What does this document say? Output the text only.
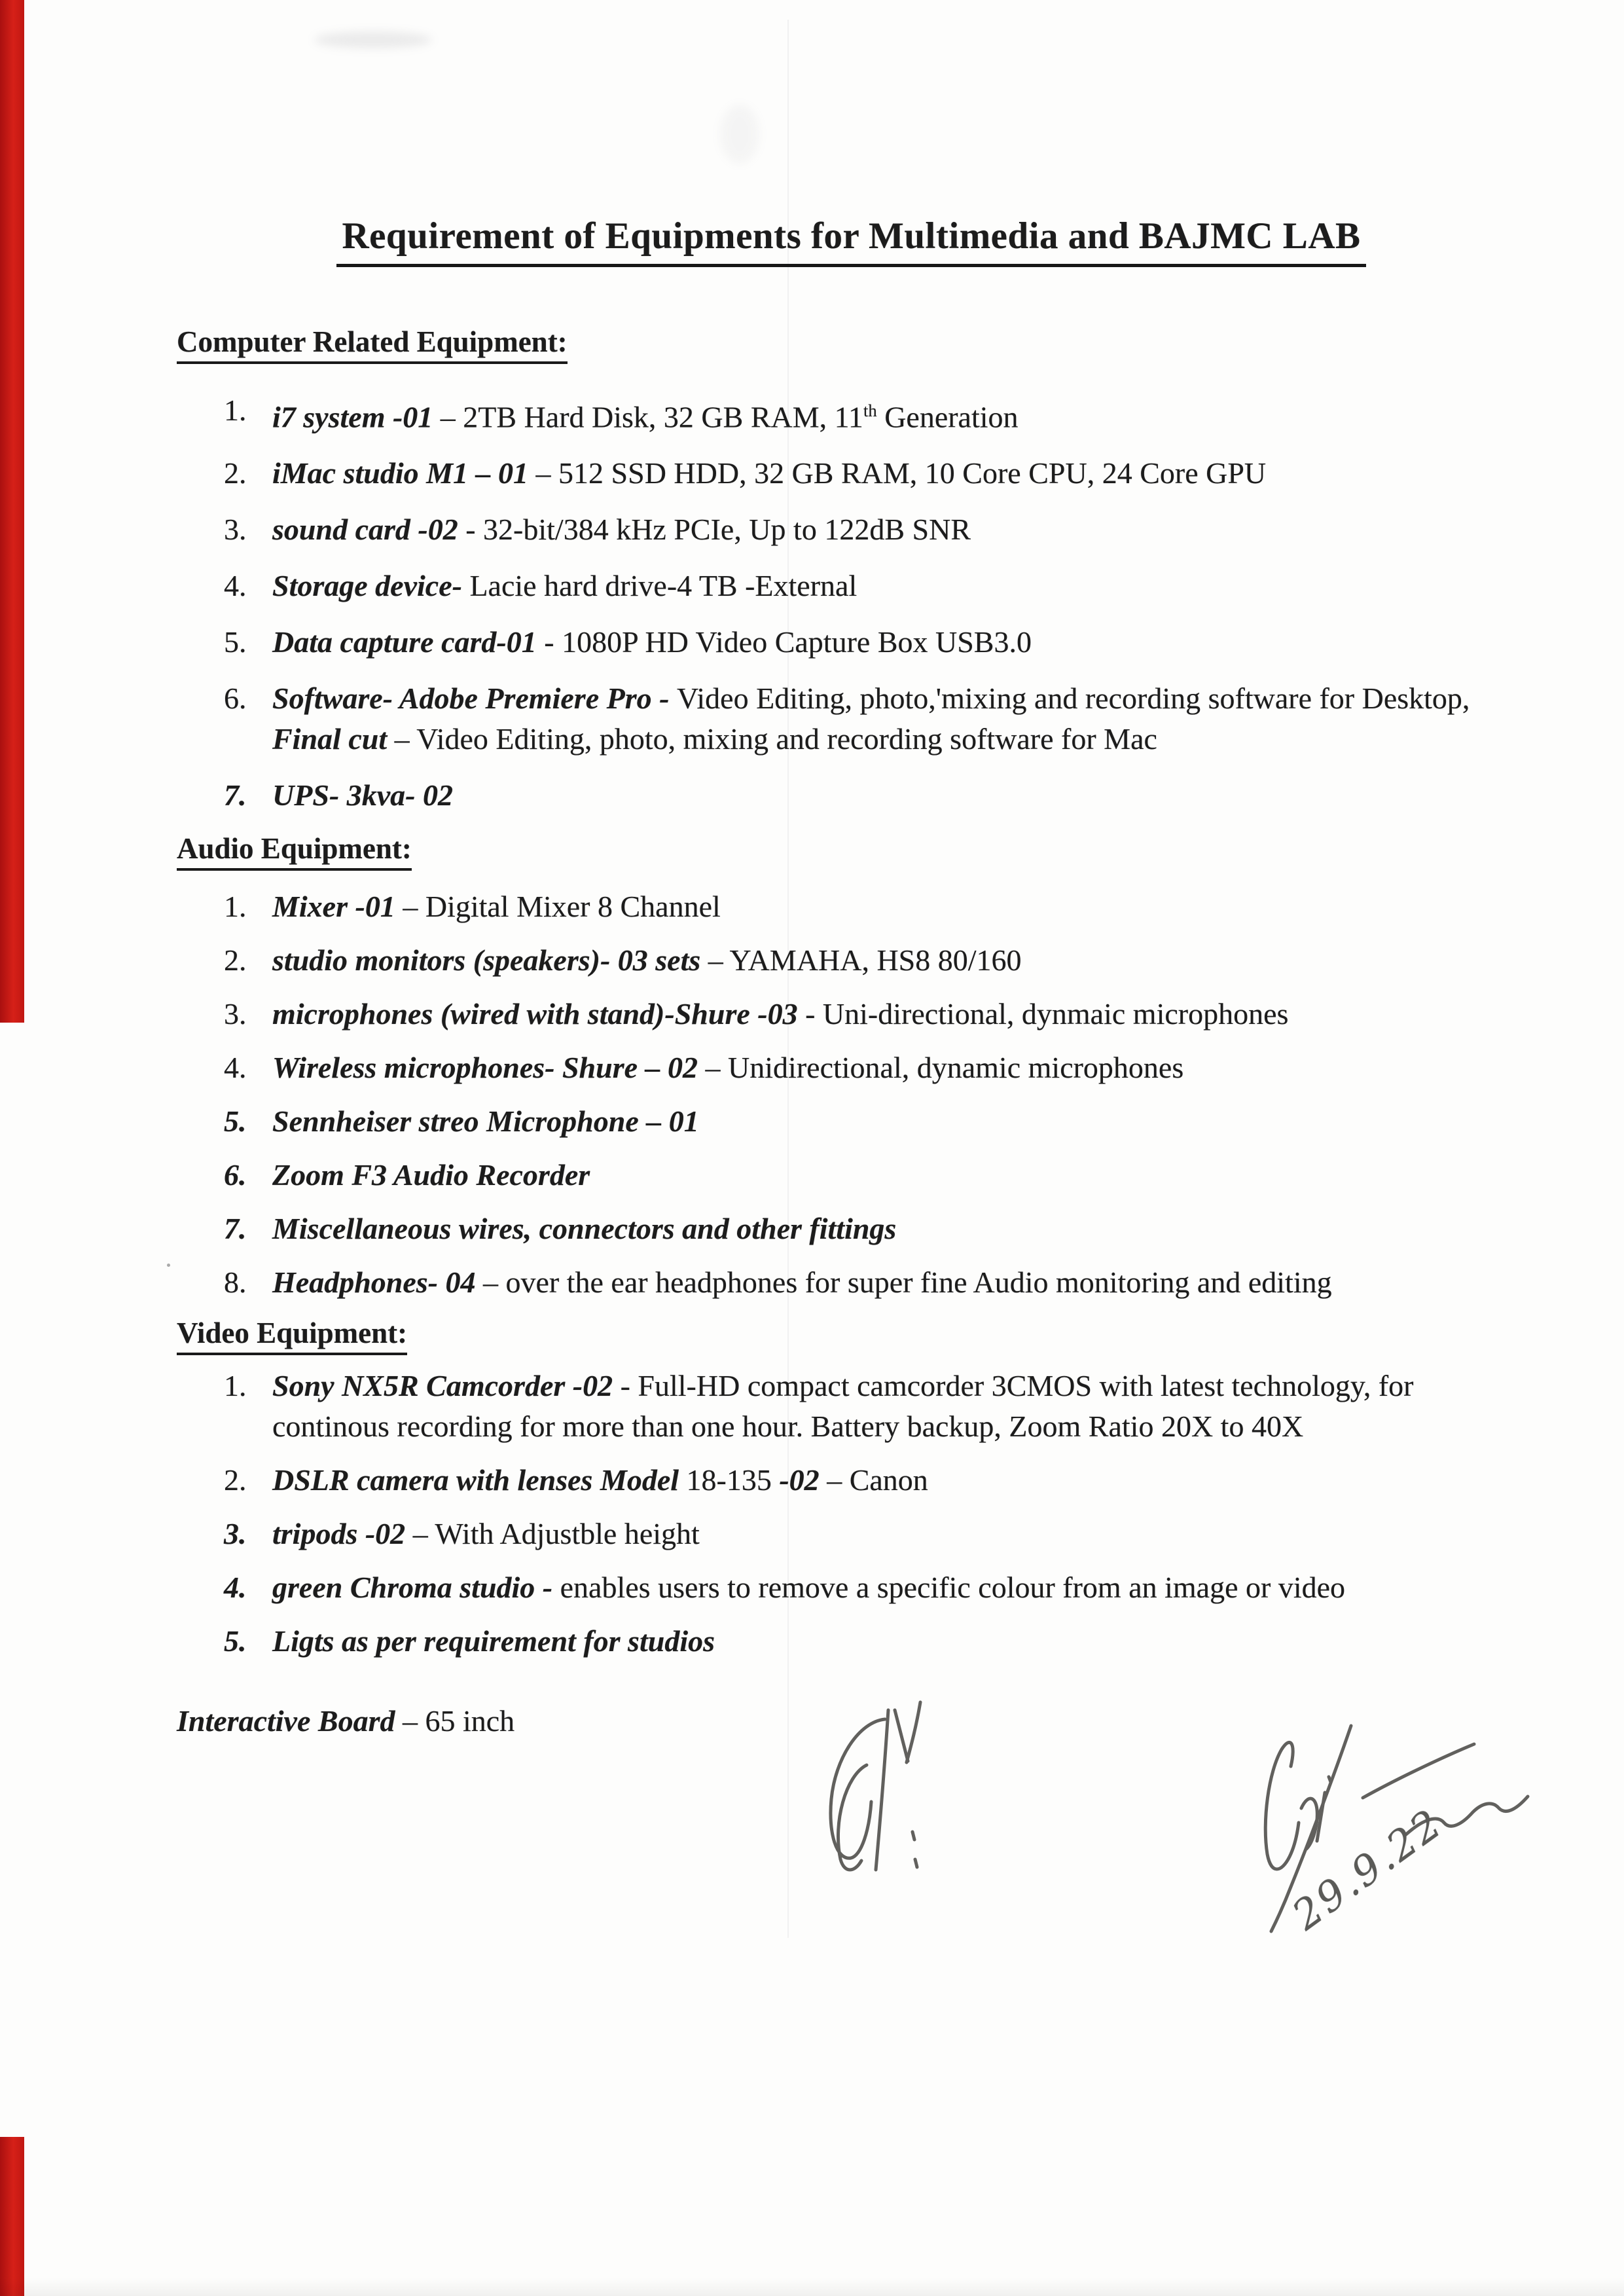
Requirement of Equipments for Multimedia and BAJMC LAB
Computer Related Equipment:
1. i7 system -01 – 2TB Hard Disk, 32 GB RAM, 11th Generation
2. iMac studio M1 – 01 – 512 SSD HDD, 32 GB RAM, 10 Core CPU, 24 Core GPU
3. sound card -02 - 32-bit/384 kHz PCIe, Up to 122dB SNR
4. Storage device- Lacie hard drive-4 TB -External
5. Data capture card-01 - 1080P HD Video Capture Box USB3.0
6. Software- Adobe Premiere Pro - Video Editing, photo,'mixing and recording software for Desktop,
Final cut – Video Editing, photo, mixing and recording software for Mac
7. UPS- 3kva- 02
Audio Equipment:
1. Mixer -01 – Digital Mixer 8 Channel
2. studio monitors (speakers)- 03 sets – YAMAHA, HS8 80/160
3. microphones (wired with stand)-Shure -03 - Uni-directional, dynmaic microphones
4. Wireless microphones- Shure – 02 – Unidirectional, dynamic microphones
5. Sennheiser streo Microphone – 01
6. Zoom F3 Audio Recorder
7. Miscellaneous wires, connectors and other fittings
8. Headphones- 04 – over the ear headphones for super fine Audio monitoring and editing
Video Equipment:
1. Sony NX5R Camcorder -02 - Full-HD compact camcorder 3CMOS with latest technology, for
continous recording for more than one hour. Battery backup, Zoom Ratio 20X to 40X
2. DSLR camera with lenses Model 18-135 -02 – Canon
3. tripods -02 – With Adjustble height
4. green Chroma studio - enables users to remove a specific colour from an image or video
5. Ligts as per requirement for studios
Interactive Board – 65 inch
29.9.22
